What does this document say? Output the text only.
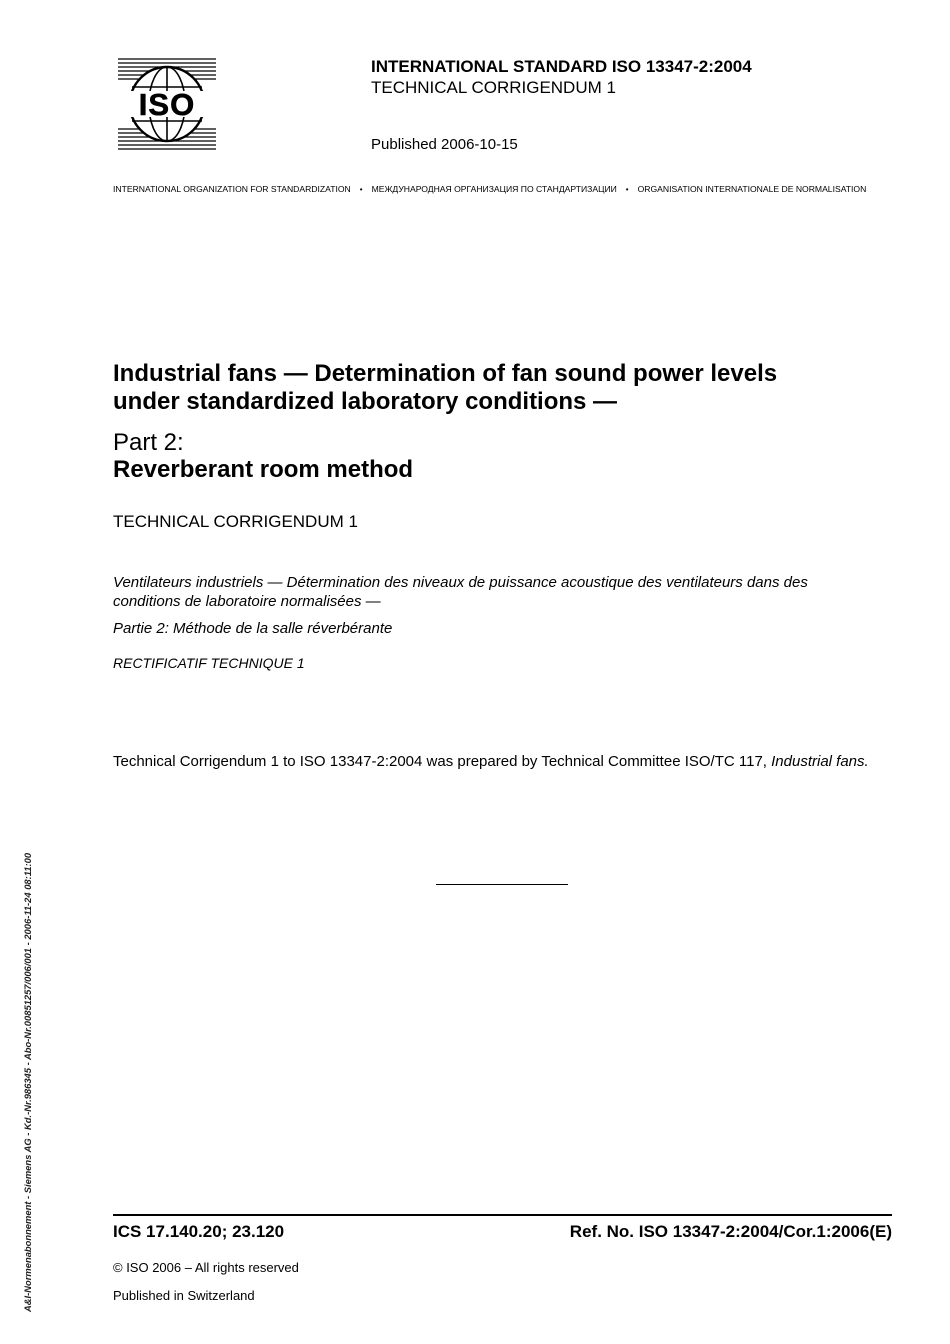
ISO
INTERNATIONAL STANDARD ISO 13347-2:2004
TECHNICAL CORRIGENDUM 1
Published 2006-10-15
INTERNATIONAL ORGANIZATION FOR STANDARDIZATION • МЕЖДУНАРОДНАЯ ОРГАНИЗАЦИЯ ПО СТАНДАРТИЗАЦИИ • ORGANISATION INTERNATIONALE DE NORMALISATION
Industrial fans — Determination of fan sound power levels
under standardized laboratory conditions —
Part 2:
Reverberant room method
TECHNICAL CORRIGENDUM 1
Ventilateurs industriels — Détermination des niveaux de puissance acoustique des ventilateurs dans des conditions de laboratoire normalisées —
Partie 2: Méthode de la salle réverbérante
RECTIFICATIF TECHNIQUE 1
Technical Corrigendum 1 to ISO 13347-2:2004 was prepared by Technical Committee ISO/TC 117, Industrial fans.
ICS 17.140.20; 23.120	Ref. No. ISO 13347-2:2004/Cor.1:2006(E)
© ISO 2006 – All rights reserved
Published in Switzerland
A&I-Normenabonnement - Siemens AG - Kd.-Nr.986345 - Abo-Nr.00851257/006/001 - 2006-11-24 08:11:00
